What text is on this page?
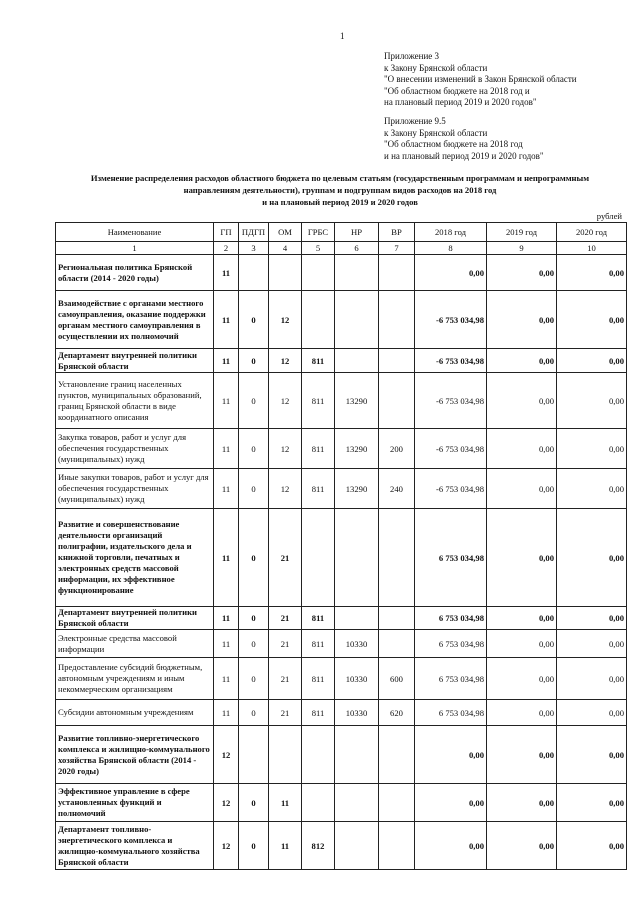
1
Приложение 3
к Закону Брянской области
"О внесении изменений в Закон Брянской области
"Об областном бюджете на 2018 год и
на плановый период 2019 и 2020 годов"
Приложение 9.5
к Закону Брянской области
"Об областном бюджете на 2018 год
и на плановый период 2019 и 2020 годов"
Изменение распределения расходов областного бюджета по целевым статьям (государственным программам и непрограммным
направлениям деятельности), группам и подгруппам видов расходов на 2018 год
и на плановый период 2019 и 2020 годов
рублей
Наименование	ГП	ПДГП	ОМ	ГРБС	НР	ВР	2018 год	2019 год	2020 год
1	2	3	4	5	6	7	8	9	10
Региональная политика Брянской области (2014 - 2020 годы)	11						0,00	0,00	0,00
Взаимодействие с органами местного самоуправления, оказание поддержки органам местного самоуправления в осуществлении их полномочий	11	0	12				-6 753 034,98	0,00	0,00
Департамент внутренней политики Брянской области	11	0	12	811			-6 753 034,98	0,00	0,00
Установление границ населенных пунктов, муниципальных образований, границ Брянской области в виде координатного описания	11	0	12	811	13290		-6 753 034,98	0,00	0,00
Закупка товаров, работ и услуг для обеспечения государственных (муниципальных) нужд	11	0	12	811	13290	200	-6 753 034,98	0,00	0,00
Иные закупки товаров, работ и услуг для обеспечения государственных (муниципальных) нужд	11	0	12	811	13290	240	-6 753 034,98	0,00	0,00
Развитие и совершенствование деятельности организаций полиграфии, издательского дела и книжной торговли, печатных и электронных средств массовой информации, их эффективное функционирование	11	0	21				6 753 034,98	0,00	0,00
Департамент внутренней политики Брянской области	11	0	21	811			6 753 034,98	0,00	0,00
Электронные средства массовой информации	11	0	21	811	10330		6 753 034,98	0,00	0,00
Предоставление субсидий бюджетным, автономным учреждениям и иным некоммерческим организациям	11	0	21	811	10330	600	6 753 034,98	0,00	0,00
Субсидии автономным учреждениям	11	0	21	811	10330	620	6 753 034,98	0,00	0,00
Развитие топливно-энергетического комплекса и жилищно-коммунального хозяйства Брянской области (2014 - 2020 годы)	12						0,00	0,00	0,00
Эффективное управление в сфере установленных функций и полномочий	12	0	11				0,00	0,00	0,00
Департамент топливно-энергетического комплекса и жилищно-коммунального хозяйства Брянской области	12	0	11	812			0,00	0,00	0,00
